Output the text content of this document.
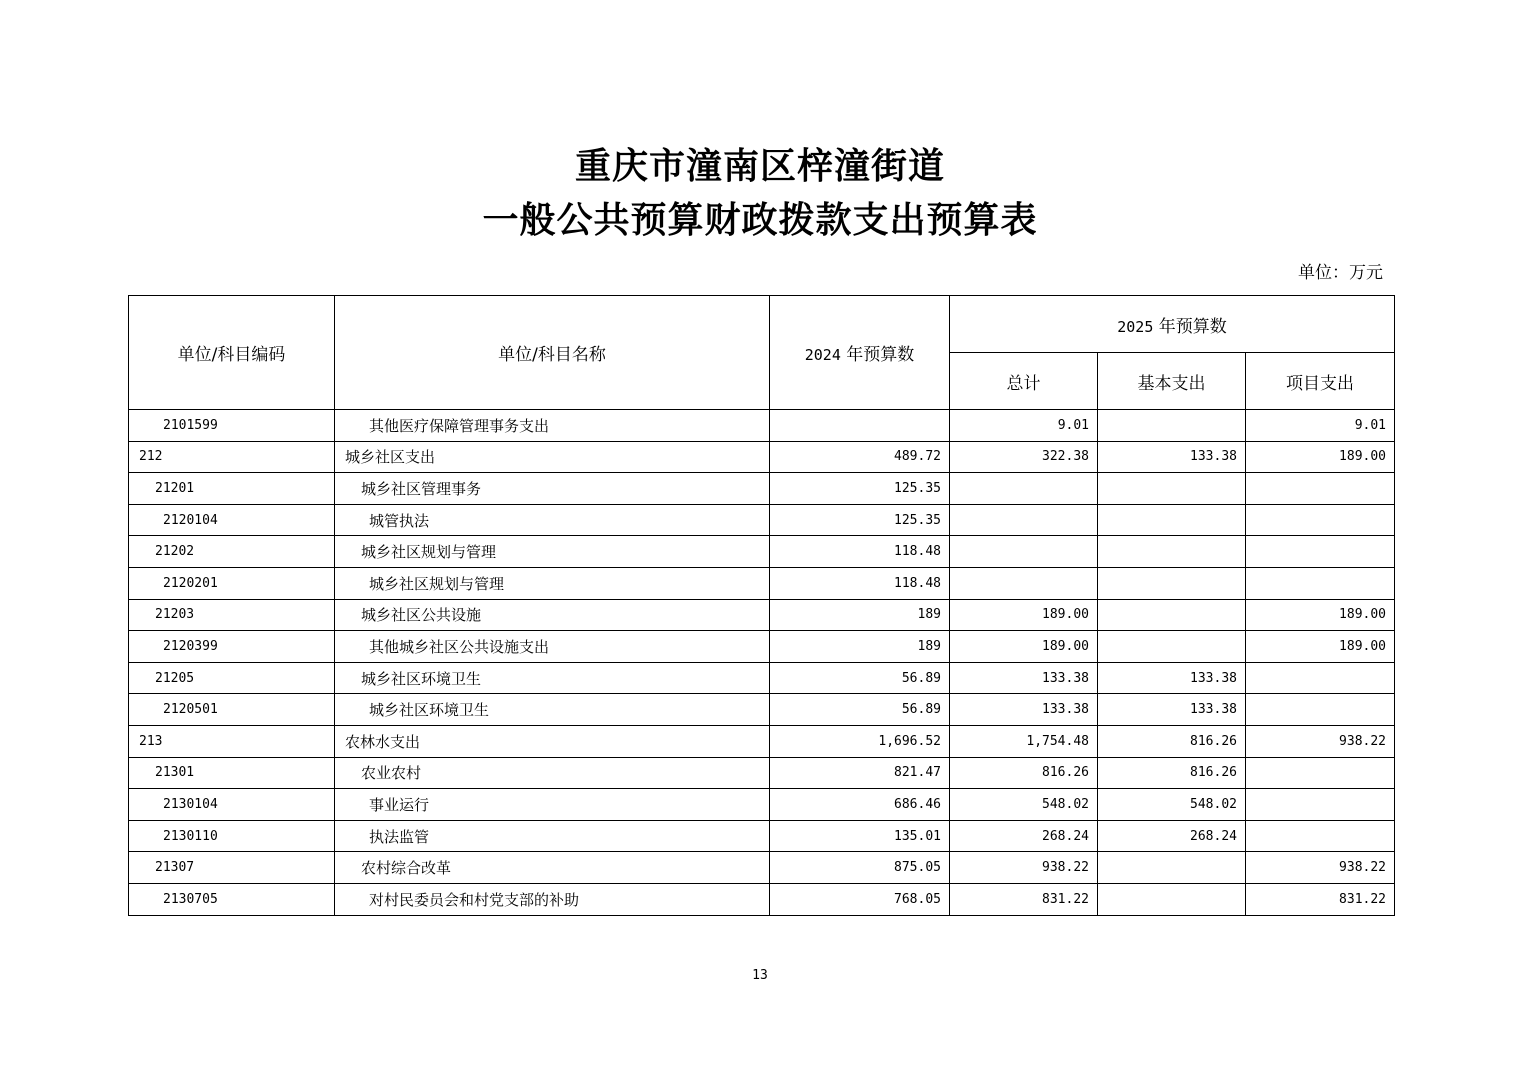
重庆市潼南区梓潼街道
一般公共预算财政拨款支出预算表
单位：万元
单位/科目编码	单位/科目名称	2024 年预算数	2025 年预算数		
			总计	基本支出	项目支出
2101599	其他医疗保障管理事务支出		9.01		9.01
212	城乡社区支出	489.72	322.38	133.38	189.00
21201	城乡社区管理事务	125.35			
2120104	城管执法	125.35			
21202	城乡社区规划与管理	118.48			
2120201	城乡社区规划与管理	118.48			
21203	城乡社区公共设施	189	189.00		189.00
2120399	其他城乡社区公共设施支出	189	189.00		189.00
21205	城乡社区环境卫生	56.89	133.38	133.38	
2120501	城乡社区环境卫生	56.89	133.38	133.38	
213	农林水支出	1,696.52	1,754.48	816.26	938.22
21301	农业农村	821.47	816.26	816.26	
2130104	事业运行	686.46	548.02	548.02	
2130110	执法监管	135.01	268.24	268.24	
21307	农村综合改革	875.05	938.22		938.22
2130705	对村民委员会和村党支部的补助	768.05	831.22		831.22
13
